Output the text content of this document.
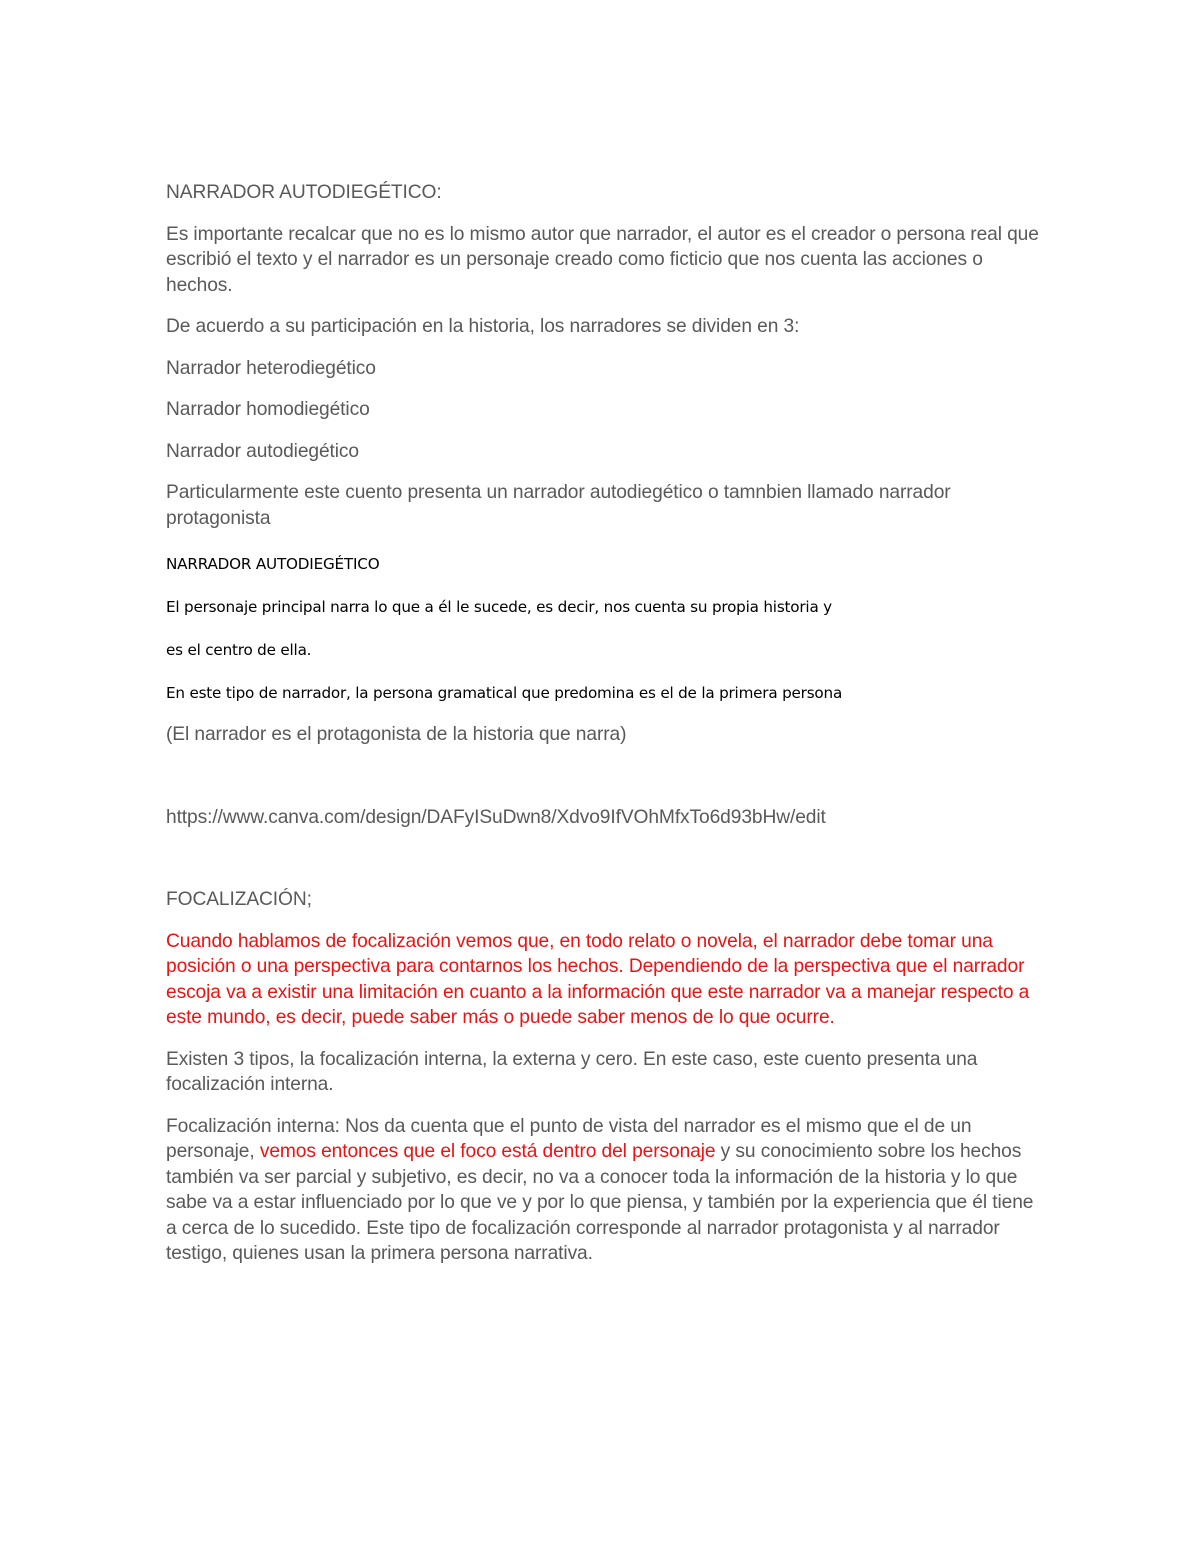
NARRADOR AUTODIEGÉTICO:

Es importante recalcar que no es lo mismo autor que narrador, el autor es el creador o persona real que escribió el texto y el narrador es un personaje creado como ficticio que nos cuenta las acciones o hechos.

De acuerdo a su participación en la historia, los narradores se dividen en 3:

Narrador heterodiegético

Narrador homodiegético

Narrador autodiegético

Particularmente este cuento presenta un narrador autodiegético o tamnbien llamado narrador protagonista

NARRADOR AUTODIEGÉTICO

El personaje principal narra lo que a él le sucede, es decir, nos cuenta su propia historia y

es el centro de ella.

En este tipo de narrador, la persona gramatical que predomina es el de la primera persona

(El narrador es el protagonista de la historia que narra)

https://www.canva.com/design/DAFyISuDwn8/Xdvo9IfVOhMfxTo6d93bHw/edit

FOCALIZACIÓN;

Cuando hablamos de focalización vemos que, en todo relato o novela, el narrador debe tomar una posición o una perspectiva para contarnos los hechos. Dependiendo de la perspectiva que el narrador escoja va a existir una limitación en cuanto a la información que este narrador va a manejar respecto a este mundo, es decir, puede saber más o puede saber menos de lo que ocurre.

Existen 3 tipos, la focalización interna, la externa y cero. En este caso, este cuento presenta una focalización interna.

Focalización interna: Nos da cuenta que el punto de vista del narrador es el mismo que el de un personaje, vemos entonces que el foco está dentro del personaje y su conocimiento sobre los hechos también va ser parcial y subjetivo, es decir, no va a conocer toda la información de la historia y lo que sabe va a estar influenciado por lo que ve y por lo que piensa, y también por la experiencia que él tiene a cerca de lo sucedido. Este tipo de focalización corresponde al narrador protagonista y al narrador testigo, quienes usan la primera persona narrativa.
